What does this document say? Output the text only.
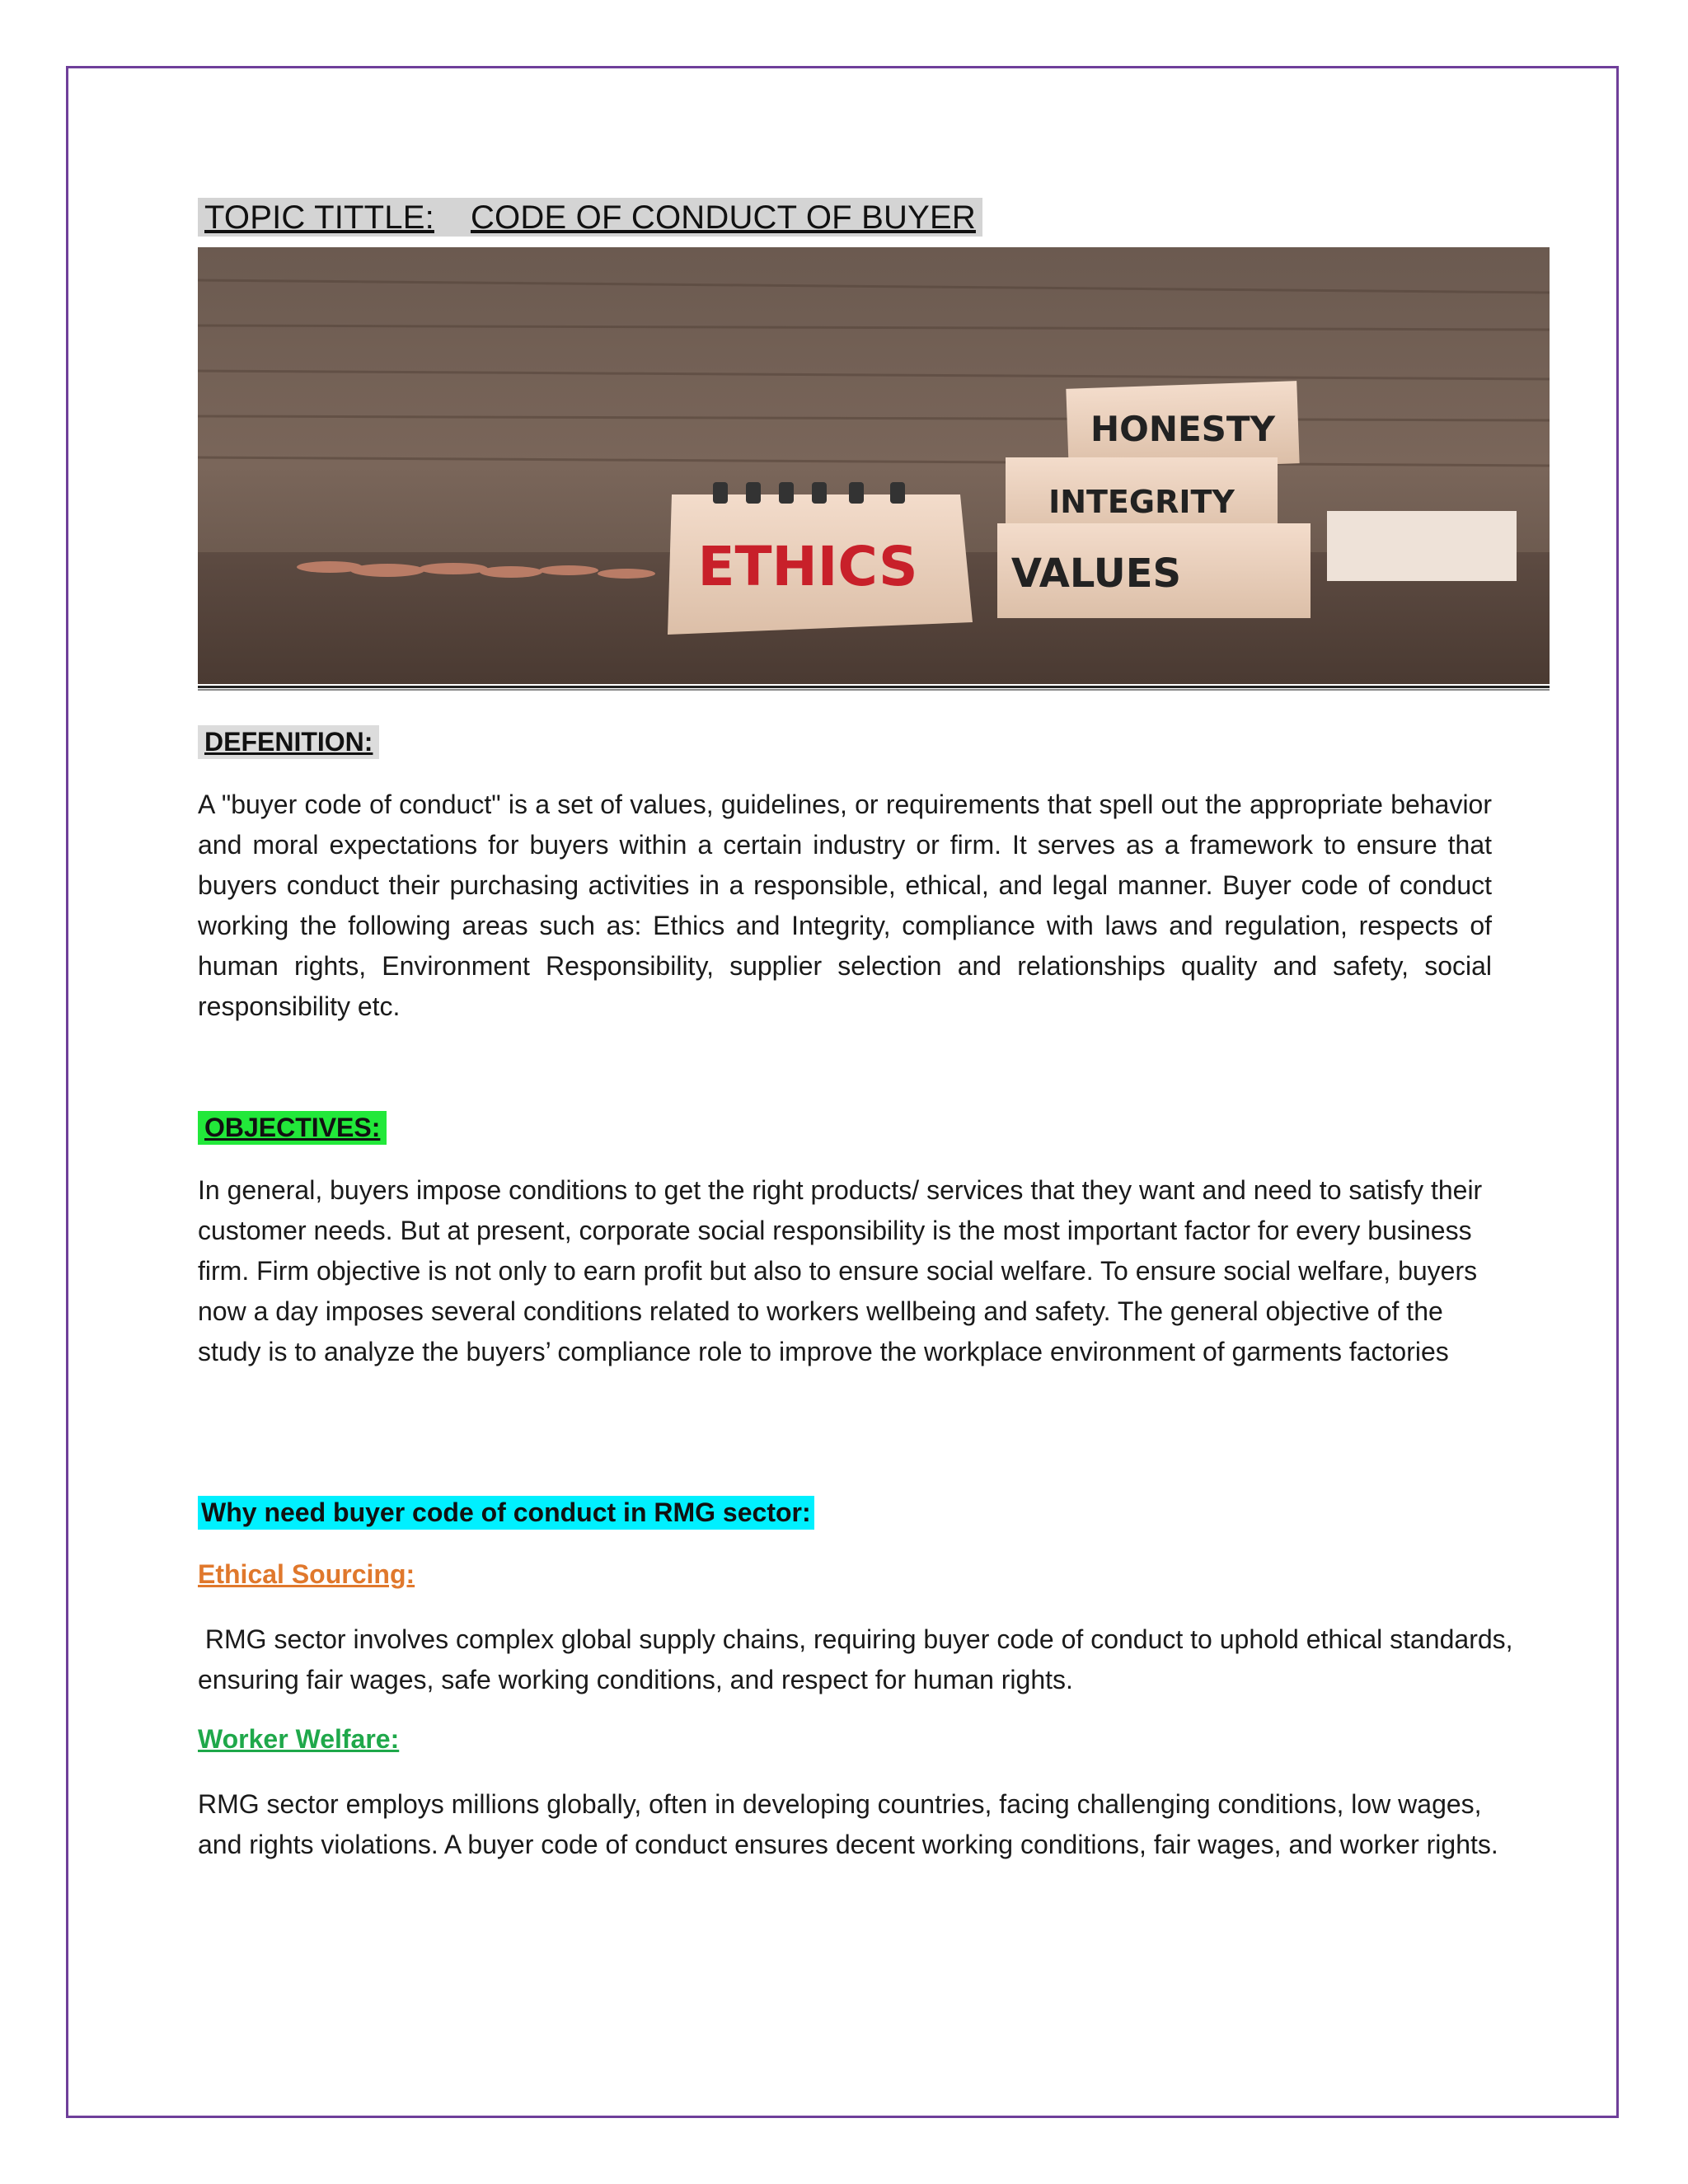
TOPIC TITTLE: CODE OF CONDUCT OF BUYER
HONESTY
INTEGRITY
VALUES
ETHICS
DEFENITION:
A "buyer code of conduct" is a set of values, guidelines, or requirements that spell out the appropriate behavior and moral expectations for buyers within a certain industry or firm. It serves as a framework to ensure that buyers conduct their purchasing activities in a responsible, ethical, and legal manner. Buyer code of conduct working the following areas such as: Ethics and Integrity, compliance with laws and regulation, respects of human rights, Environment Responsibility, supplier selection and relationships quality and safety, social responsibility etc.
OBJECTIVES:
In general, buyers impose conditions to get the right products/ services that they want and need to satisfy their customer needs. But at present, corporate social responsibility is the most important factor for every business firm. Firm objective is not only to earn profit but also to ensure social welfare. To ensure social welfare, buyers now a day imposes several conditions related to workers wellbeing and safety. The general objective of the study is to analyze the buyers’ compliance role to improve the workplace environment of garments factories
Why need buyer code of conduct in RMG sector:
Ethical Sourcing:
RMG sector involves complex global supply chains, requiring buyer code of conduct to uphold ethical standards, ensuring fair wages, safe working conditions, and respect for human rights.
Worker Welfare:
RMG sector employs millions globally, often in developing countries, facing challenging conditions, low wages, and rights violations. A buyer code of conduct ensures decent working conditions, fair wages, and worker rights.
